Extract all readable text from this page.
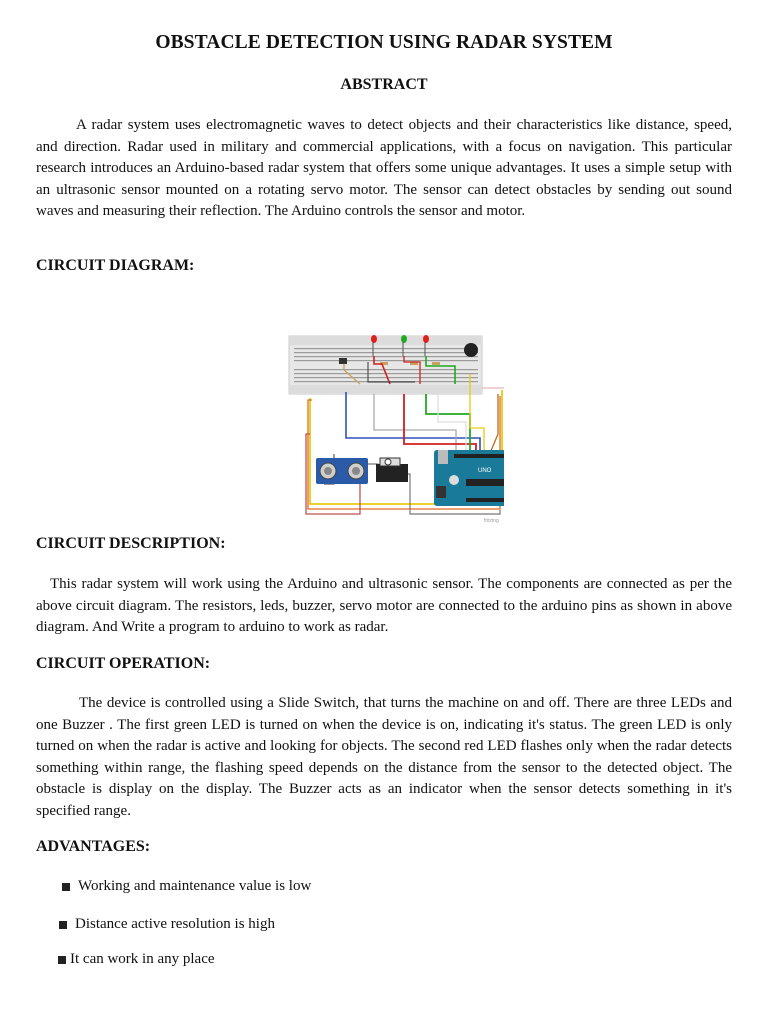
OBSTACLE DETECTION USING RADAR SYSTEM
ABSTRACT

A radar system uses electromagnetic waves to detect objects and their characteristics like distance, speed, and direction. Radar used in military and commercial applications, with a focus on navigation. This particular research introduces an Arduino-based radar system that offers some unique advantages. It uses a simple setup with an ultrasonic sensor mounted on a rotating servo motor. The sensor can detect obstacles by sending out sound waves and measuring their reflection. The Arduino controls the sensor and motor.

CIRCUIT DIAGRAM:
UNO
fritzing
CIRCUIT DESCRIPTION:

This radar system will work using the Arduino and ultrasonic sensor. The components are connected as per the above circuit diagram. The resistors, leds, buzzer, servo motor are connected to the arduino pins as shown in above diagram. And Write a program to arduino to work as radar.

CIRCUIT OPERATION:

The device is controlled using a Slide Switch, that turns the machine on and off. There are three LEDs and one Buzzer . The first green LED is turned on when the device is on, indicating it's status. The green LED is only turned on when the radar is active and looking for objects. The second red LED flashes only when the radar detects something within range, the flashing speed depends on the distance from the sensor to the detected object. The obstacle is display on the display. The Buzzer acts as an indicator when the sensor detects something in it's specified range.

ADVANTAGES:
Working and maintenance value is low
Distance active resolution is high
It can work in any place
